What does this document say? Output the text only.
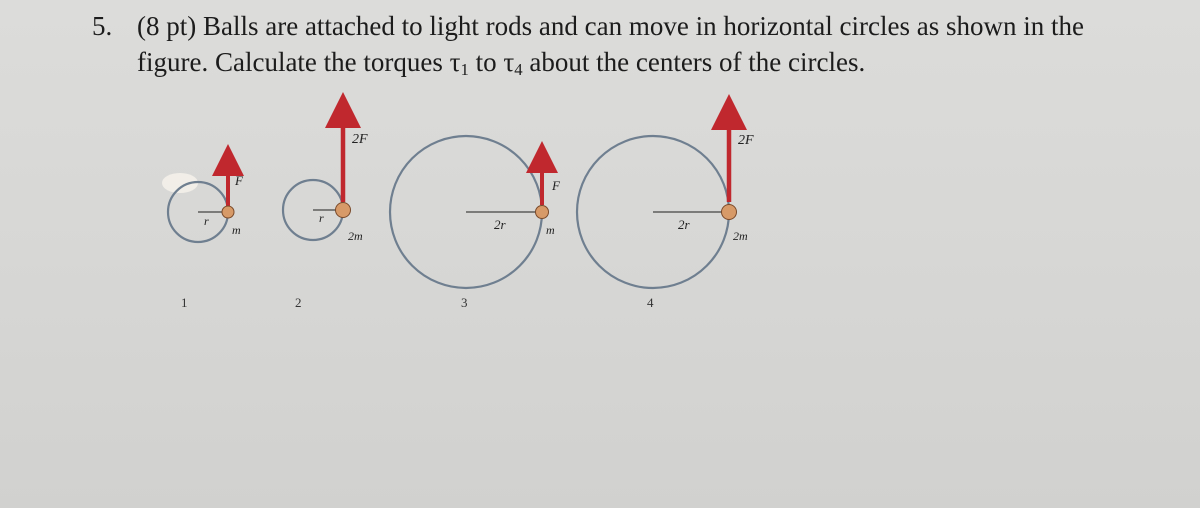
5. (8 pt) Balls are attached to light rods and can move in horizontal circles as shown in the
figure. Calculate the torques $\tau_1$ to $\tau_4$ about the centers of the circles.
r
F
m
1
r
2F
2m
2
2r
F
m
3
2r
2F
2m
4
